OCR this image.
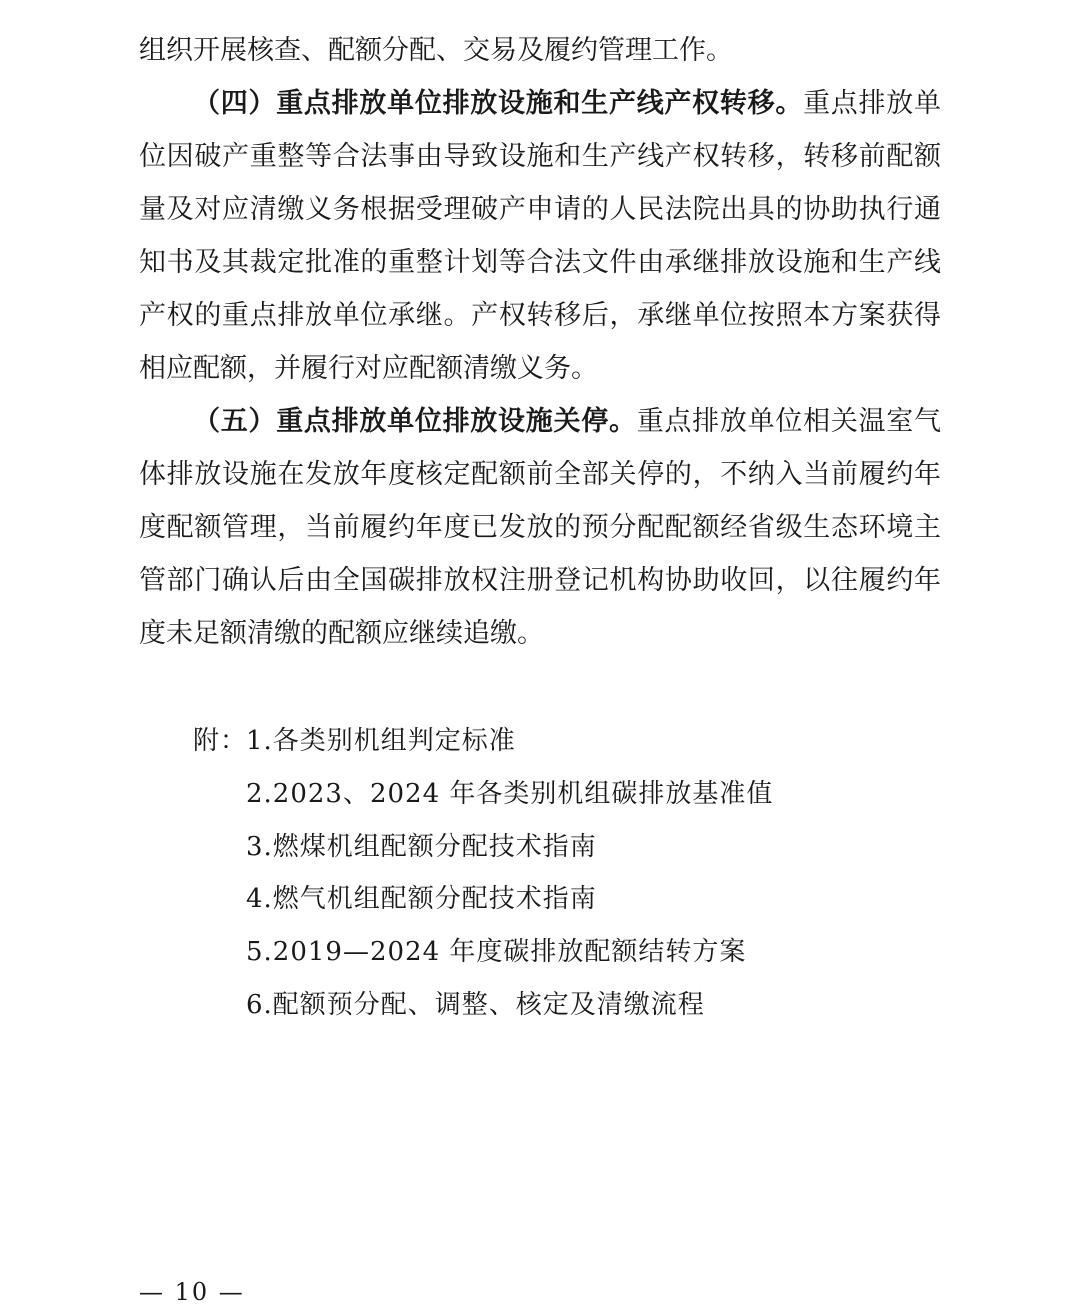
组织开展核查、配额分配、交易及履约管理工作。
（四）重点排放单位排放设施和生产线产权转移。重点排放单
位因破产重整等合法事由导致设施和生产线产权转移，转移前配额
量及对应清缴义务根据受理破产申请的人民法院出具的协助执行通
知书及其裁定批准的重整计划等合法文件由承继排放设施和生产线
产权的重点排放单位承继。产权转移后，承继单位按照本方案获得
相应配额，并履行对应配额清缴义务。
（五）重点排放单位排放设施关停。重点排放单位相关温室气
体排放设施在发放年度核定配额前全部关停的，不纳入当前履约年
度配额管理，当前履约年度已发放的预分配配额经省级生态环境主
管部门确认后由全国碳排放权注册登记机构协助收回，以往履约年
度未足额清缴的配额应继续追缴。
附：
1.各类别机组判定标准
2.2023、2024 年各类别机组碳排放基准值
3.燃煤机组配额分配技术指南
4.燃气机组配额分配技术指南
5.2019—2024 年度碳排放配额结转方案
6.配额预分配、调整、核定及清缴流程
— 10 —
